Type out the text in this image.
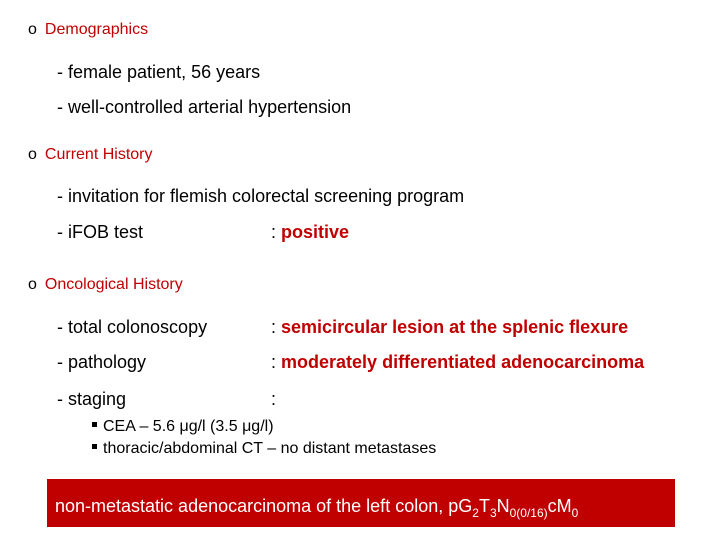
o Demographics
- female patient, 56 years
- well-controlled arterial hypertension
o Current History
- invitation for flemish colorectal screening program
- iFOB test	: positive
o Oncological History
- total colonoscopy	: semicircular lesion at the splenic flexure
- pathology	: moderately differentiated adenocarcinoma
- staging	:
CEA – 5.6 μg/l (3.5 μg/l)
thoracic/abdominal CT – no distant metastases
non-metastatic adenocarcinoma of the left colon, $pG_2T_3N_{0(0/16)}cM_0$
